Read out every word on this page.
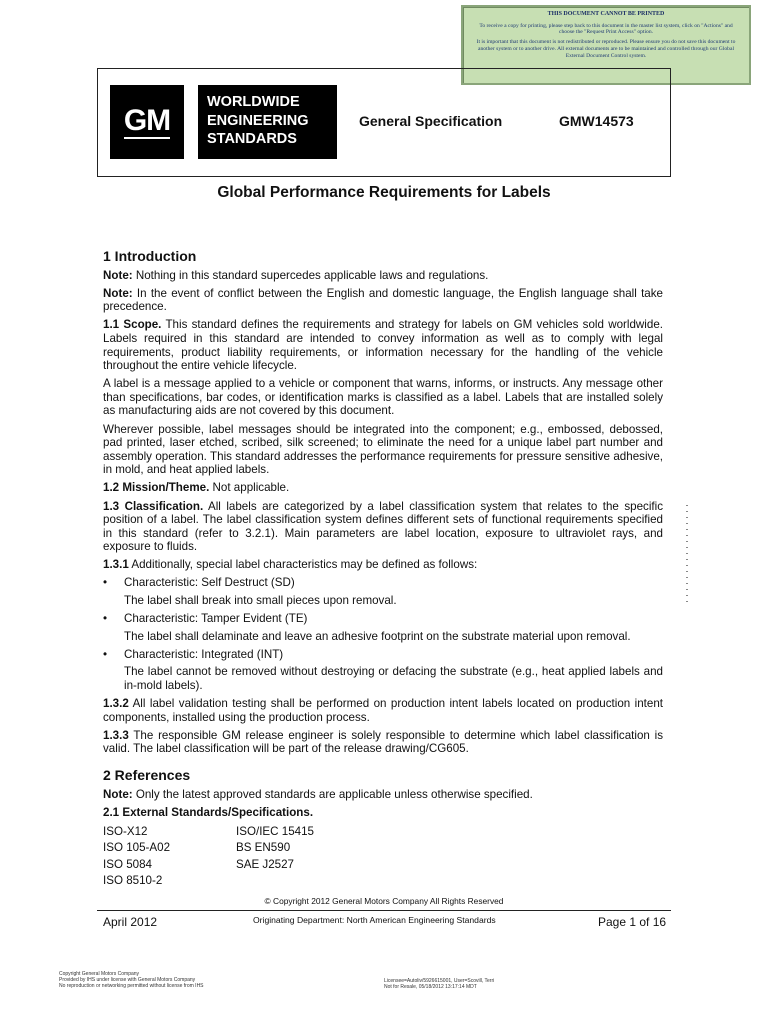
THIS DOCUMENT CANNOT BE PRINTED

To receive a copy for printing, please step back to this document in the master list system, click on "Actions" and choose the "Request Print Access" option.

It is important that this document is not redistributed or reproduced. Please ensure you do not save this document to another system or to another drive. All external documents are to be maintained and controlled through our Global External Document Control system.

GM
WORLDWIDE
ENGINEERING
STANDARDS
General Specification	GMW14573
Global Performance Requirements for Labels

1 Introduction

Note: Nothing in this standard supercedes applicable laws and regulations.

Note: In the event of conflict between the English and domestic language, the English language shall take precedence.

1.1 Scope. This standard defines the requirements and strategy for labels on GM vehicles sold worldwide. Labels required in this standard are intended to convey information as well as to comply with legal requirements, product liability requirements, or information necessary for the handling of the vehicle throughout the entire vehicle lifecycle.

A label is a message applied to a vehicle or component that warns, informs, or instructs. Any message other than specifications, bar codes, or identification marks is classified as a label. Labels that are installed solely as manufacturing aids are not covered by this document.

Wherever possible, label messages should be integrated into the component; e.g., embossed, debossed, pad printed, laser etched, scribed, silk screened; to eliminate the need for a unique label part number and assembly operation. This standard addresses the performance requirements for pressure sensitive adhesive, in mold, and heat applied labels.

1.2 Mission/Theme. Not applicable.

1.3 Classification. All labels are categorized by a label classification system that relates to the specific position of a label. The label classification system defines different sets of functional requirements specified in this standard (refer to 3.2.1). Main parameters are label location, exposure to ultraviolet rays, and exposure to fluids.

1.3.1 Additionally, special label characteristics may be defined as follows:

• Characteristic: Self Destruct (SD)

The label shall break into small pieces upon removal.

• Characteristic: Tamper Evident (TE)

The label shall delaminate and leave an adhesive footprint on the substrate material upon removal.

• Characteristic: Integrated (INT)

The label cannot be removed without destroying or defacing the substrate (e.g., heat applied labels and in-mold labels).

1.3.2 All label validation testing shall be performed on production intent labels located on production intent components, installed using the production process.

1.3.3 The responsible GM release engineer is solely responsible to determine which label classification is valid. The label classification will be part of the release drawing/CG605.

2 References

Note: Only the latest approved standards are applicable unless otherwise specified.

2.1 External Standards/Specifications.

ISO-X12	ISO/IEC 15415
ISO 105-A02	BS EN590
ISO 5084	SAE J2527
ISO 8510-2
© Copyright 2012 General Motors Company All Rights Reserved
April 2012	Originating Department: North American Engineering Standards	Page 1 of 16
Copyright General Motors Company
Provided by IHS under license with General Motors Company
No reproduction or networking permitted without license from IHS
Licensee=Autoliv/5926615001, User=Scovill, Terri
Not for Resale, 05/18/2012 13:17:14 MDT
